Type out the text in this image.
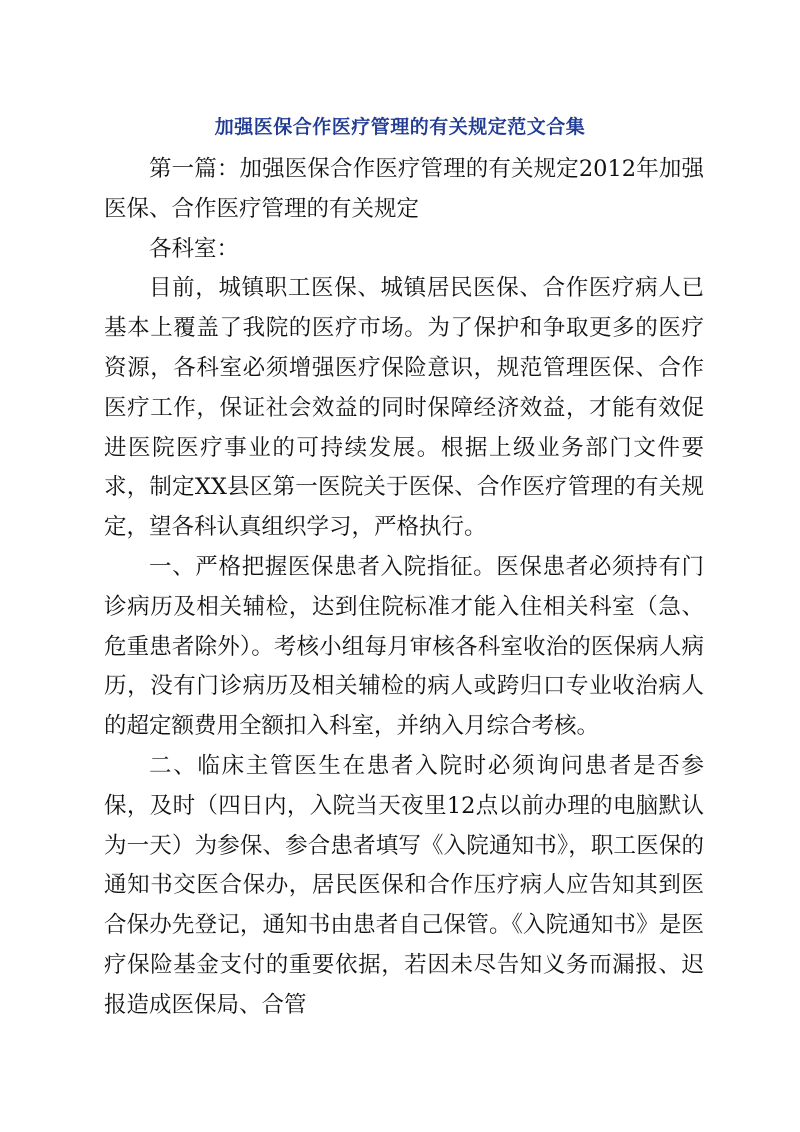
加强医保合作医疗管理的有关规定范文合集

第一篇：加强医保合作医疗管理的有关规定2012年加强医保、合作医疗管理的有关规定

各科室：

目前，城镇职工医保、城镇居民医保、合作医疗病人已基本上覆盖了我院的医疗市场。为了保护和争取更多的医疗资源，各科室必须增强医疗保险意识，规范管理医保、合作医疗工作，保证社会效益的同时保障经济效益，才能有效促进医院医疗事业的可持续发展。根据上级业务部门文件要求，制定XX县区第一医院关于医保、合作医疗管理的有关规定，望各科认真组织学习，严格执行。

一、严格把握医保患者入院指征。医保患者必须持有门诊病历及相关辅检，达到住院标准才能入住相关科室（急、危重患者除外）。考核小组每月审核各科室收治的医保病人病历，没有门诊病历及相关辅检的病人或跨归口专业收治病人的超定额费用全额扣入科室，并纳入月综合考核。

二、临床主管医生在患者入院时必须询问患者是否参保，及时（四日内，入院当天夜里12点以前办理的电脑默认为一天）为参保、参合患者填写《入院通知书》，职工医保的通知书交医合保办，居民医保和合作压疗病人应告知其到医合保办先登记，通知书由患者自己保管。《入院通知书》是医疗保险基金支付的重要依据，若因未尽告知义务而漏报、迟报造成医保局、合管
